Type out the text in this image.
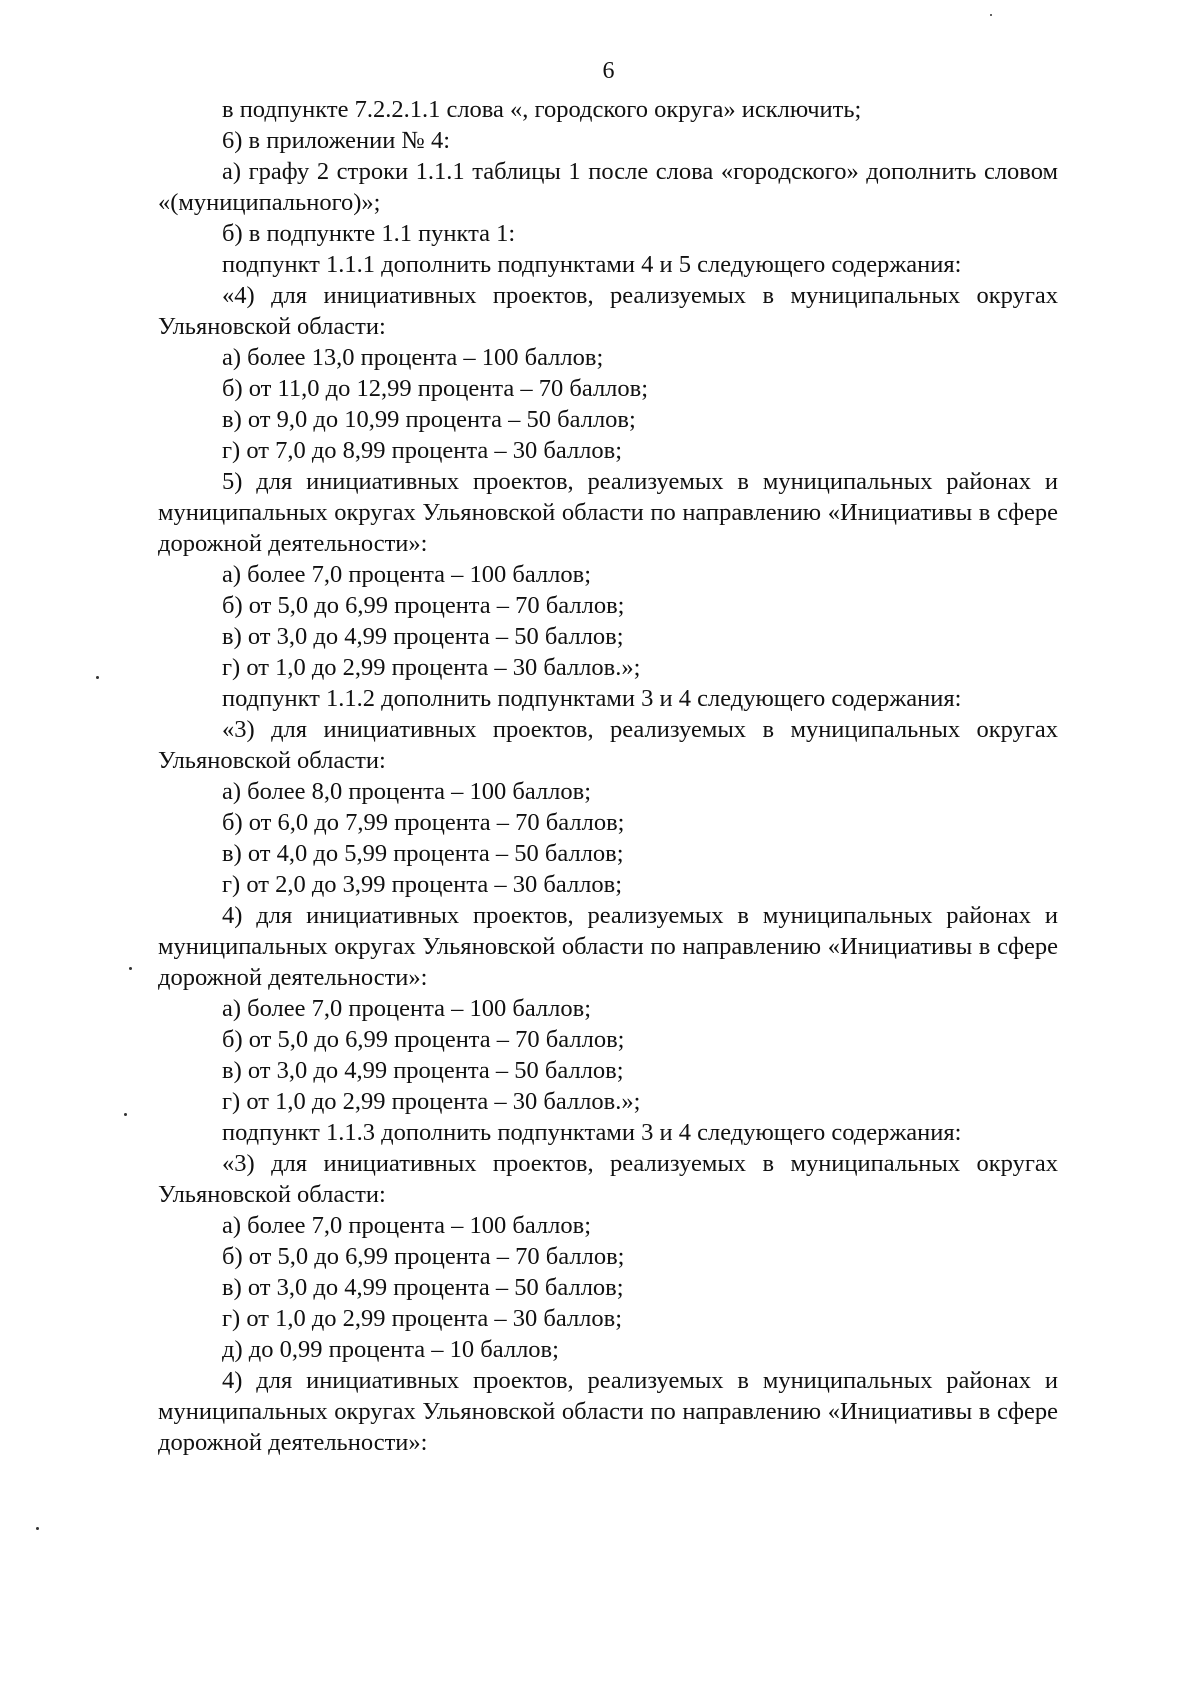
6

в подпункте 7.2.2.1.1 слова «, городского округа» исключить;

6) в приложении № 4:

а) графу 2 строки 1.1.1 таблицы 1 после слова «городского» дополнить словом «(муниципального)»;

б) в подпункте 1.1 пункта 1:

подпункт 1.1.1 дополнить подпунктами 4 и 5 следующего содержания:

«4) для инициативных проектов, реализуемых в муниципальных округах Ульяновской области:

а) более 13,0 процента – 100 баллов;

б) от 11,0 до 12,99 процента – 70 баллов;

в) от 9,0 до 10,99 процента – 50 баллов;

г) от 7,0 до 8,99 процента – 30 баллов;

5) для инициативных проектов, реализуемых в муниципальных районах и муниципальных округах Ульяновской области по направлению «Инициативы в сфере дорожной деятельности»:

а) более 7,0 процента – 100 баллов;

б) от 5,0 до 6,99 процента – 70 баллов;

в) от 3,0 до 4,99 процента – 50 баллов;

г) от 1,0 до 2,99 процента – 30 баллов.»;

подпункт 1.1.2 дополнить подпунктами 3 и 4 следующего содержания:

«3) для инициативных проектов, реализуемых в муниципальных округах Ульяновской области:

а) более 8,0 процента – 100 баллов;

б) от 6,0 до 7,99 процента – 70 баллов;

в) от 4,0 до 5,99 процента – 50 баллов;

г) от 2,0 до 3,99 процента – 30 баллов;

4) для инициативных проектов, реализуемых в муниципальных районах и муниципальных округах Ульяновской области по направлению «Инициативы в сфере дорожной деятельности»:

а) более 7,0 процента – 100 баллов;

б) от 5,0 до 6,99 процента – 70 баллов;

в) от 3,0 до 4,99 процента – 50 баллов;

г) от 1,0 до 2,99 процента – 30 баллов.»;

подпункт 1.1.3 дополнить подпунктами 3 и 4 следующего содержания:

«3) для инициативных проектов, реализуемых в муниципальных округах Ульяновской области:

а) более 7,0 процента – 100 баллов;

б) от 5,0 до 6,99 процента – 70 баллов;

в) от 3,0 до 4,99 процента – 50 баллов;

г) от 1,0 до 2,99 процента – 30 баллов;

д) до 0,99 процента – 10 баллов;

4) для инициативных проектов, реализуемых в муниципальных районах и муниципальных округах Ульяновской области по направлению «Инициативы в сфере дорожной деятельности»:
